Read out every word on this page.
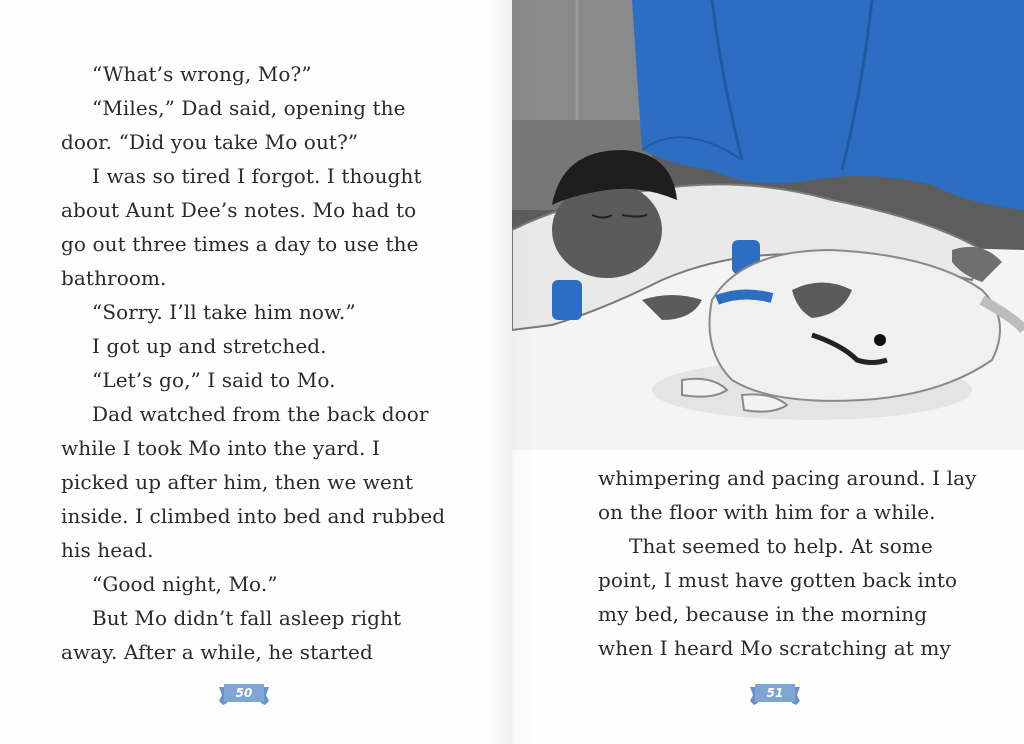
“What’s wrong, Mo?”
“Miles,” Dad said, opening the
door. “Did you take Mo out?”
I was so tired I forgot. I thought
about Aunt Dee’s notes. Mo had to
go out three times a day to use the
bathroom.
“Sorry. I’ll take him now.”
I got up and stretched.
“Let’s go,” I said to Mo.
Dad watched from the back door
while I took Mo into the yard. I
picked up after him, then we went
inside. I climbed into bed and rubbed
his head.
“Good night, Mo.”
But Mo didn’t fall asleep right
away. After a while, he started
50
whimpering and pacing around. I lay
on the floor with him for a while.
That seemed to help. At some
point, I must have gotten back into
my bed, because in the morning
when I heard Mo scratching at my
51
